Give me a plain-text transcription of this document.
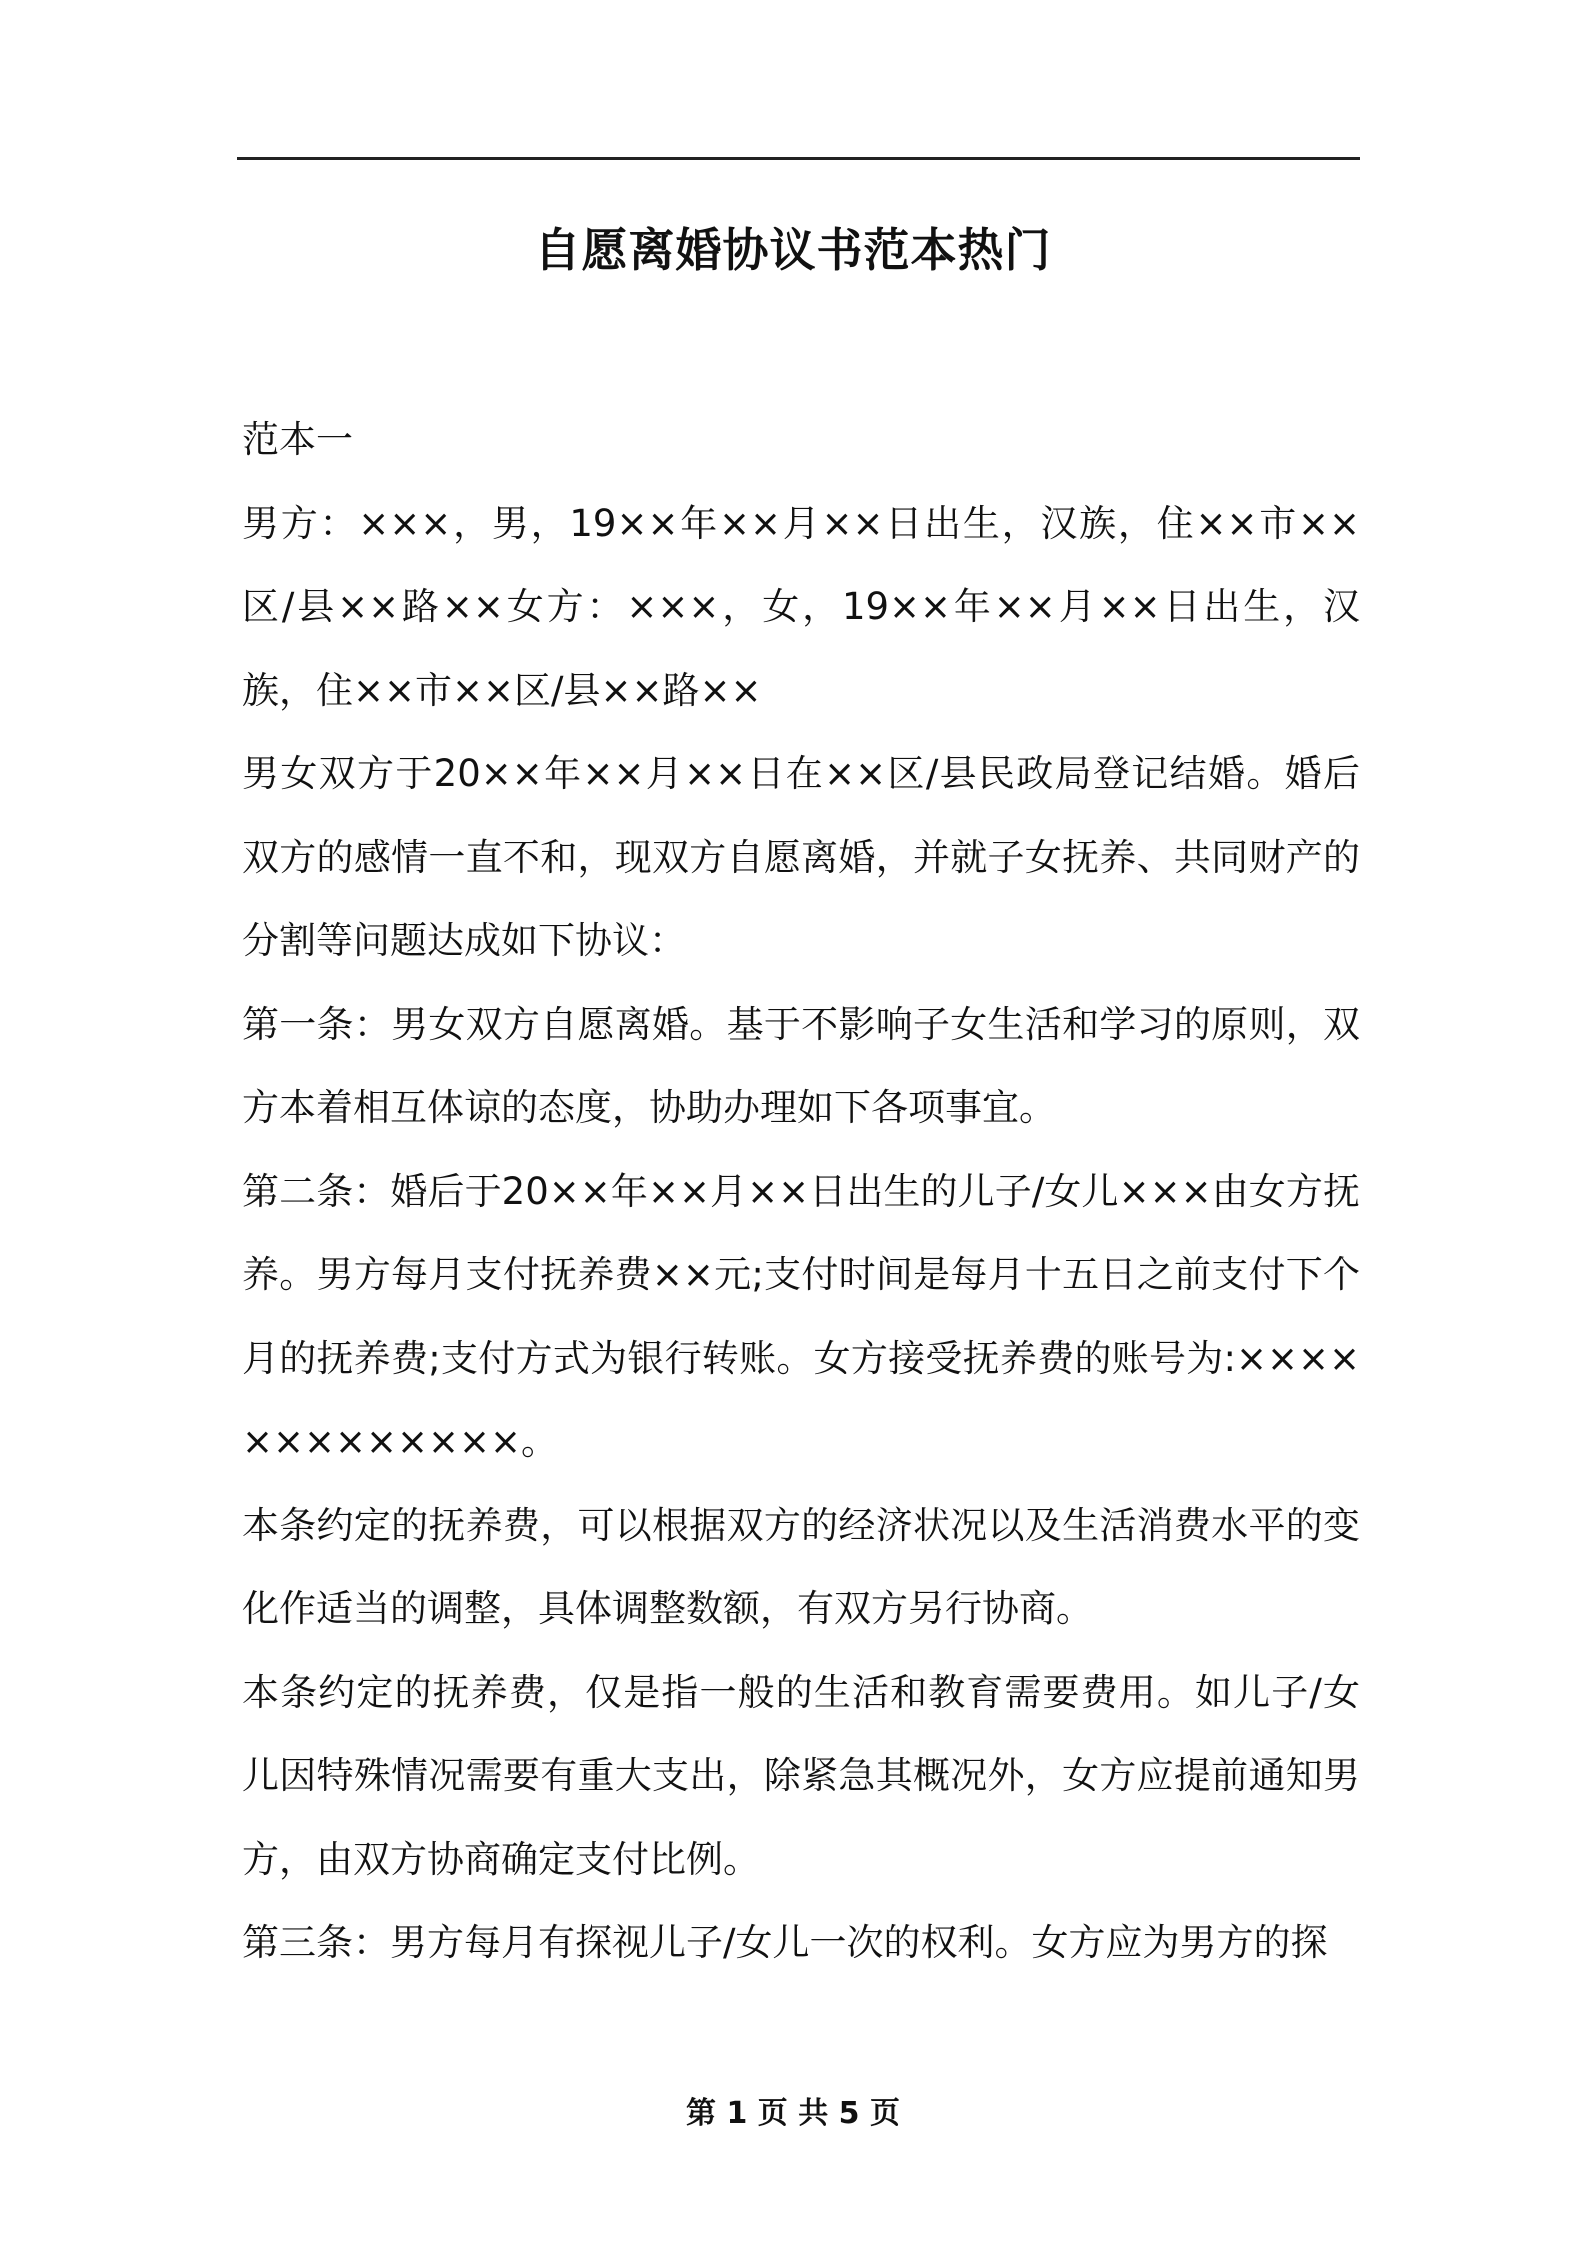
自愿离婚协议书范本热门

范本一

男方：×××，男，19××年××月××日出生，汉族，住××市××区/县××路××女方：×××，女，19××年××月××日出生，汉族，住××市××区/县××路××

男女双方于20××年××月××日在××区/县民政局登记结婚。婚后双方的感情一直不和，现双方自愿离婚，并就子女抚养、共同财产的分割等问题达成如下协议：

第一条：男女双方自愿离婚。基于不影响子女生活和学习的原则，双方本着相互体谅的态度，协助办理如下各项事宜。

第二条：婚后于20××年××月××日出生的儿子/女儿×××由女方抚养。男方每月支付抚养费××元;支付时间是每月十五日之前支付下个月的抚养费;支付方式为银行转账。女方接受抚养费的账号为:×××××××××××××。

本条约定的抚养费，可以根据双方的经济状况以及生活消费水平的变化作适当的调整，具体调整数额，有双方另行协商。

本条约定的抚养费，仅是指一般的生活和教育需要费用。如儿子/女儿因特殊情况需要有重大支出，除紧急其概况外，女方应提前通知男方，由双方协商确定支付比例。

第三条：男方每月有探视儿子/女儿一次的权利。女方应为男方的探

第 1 页 共 5 页
